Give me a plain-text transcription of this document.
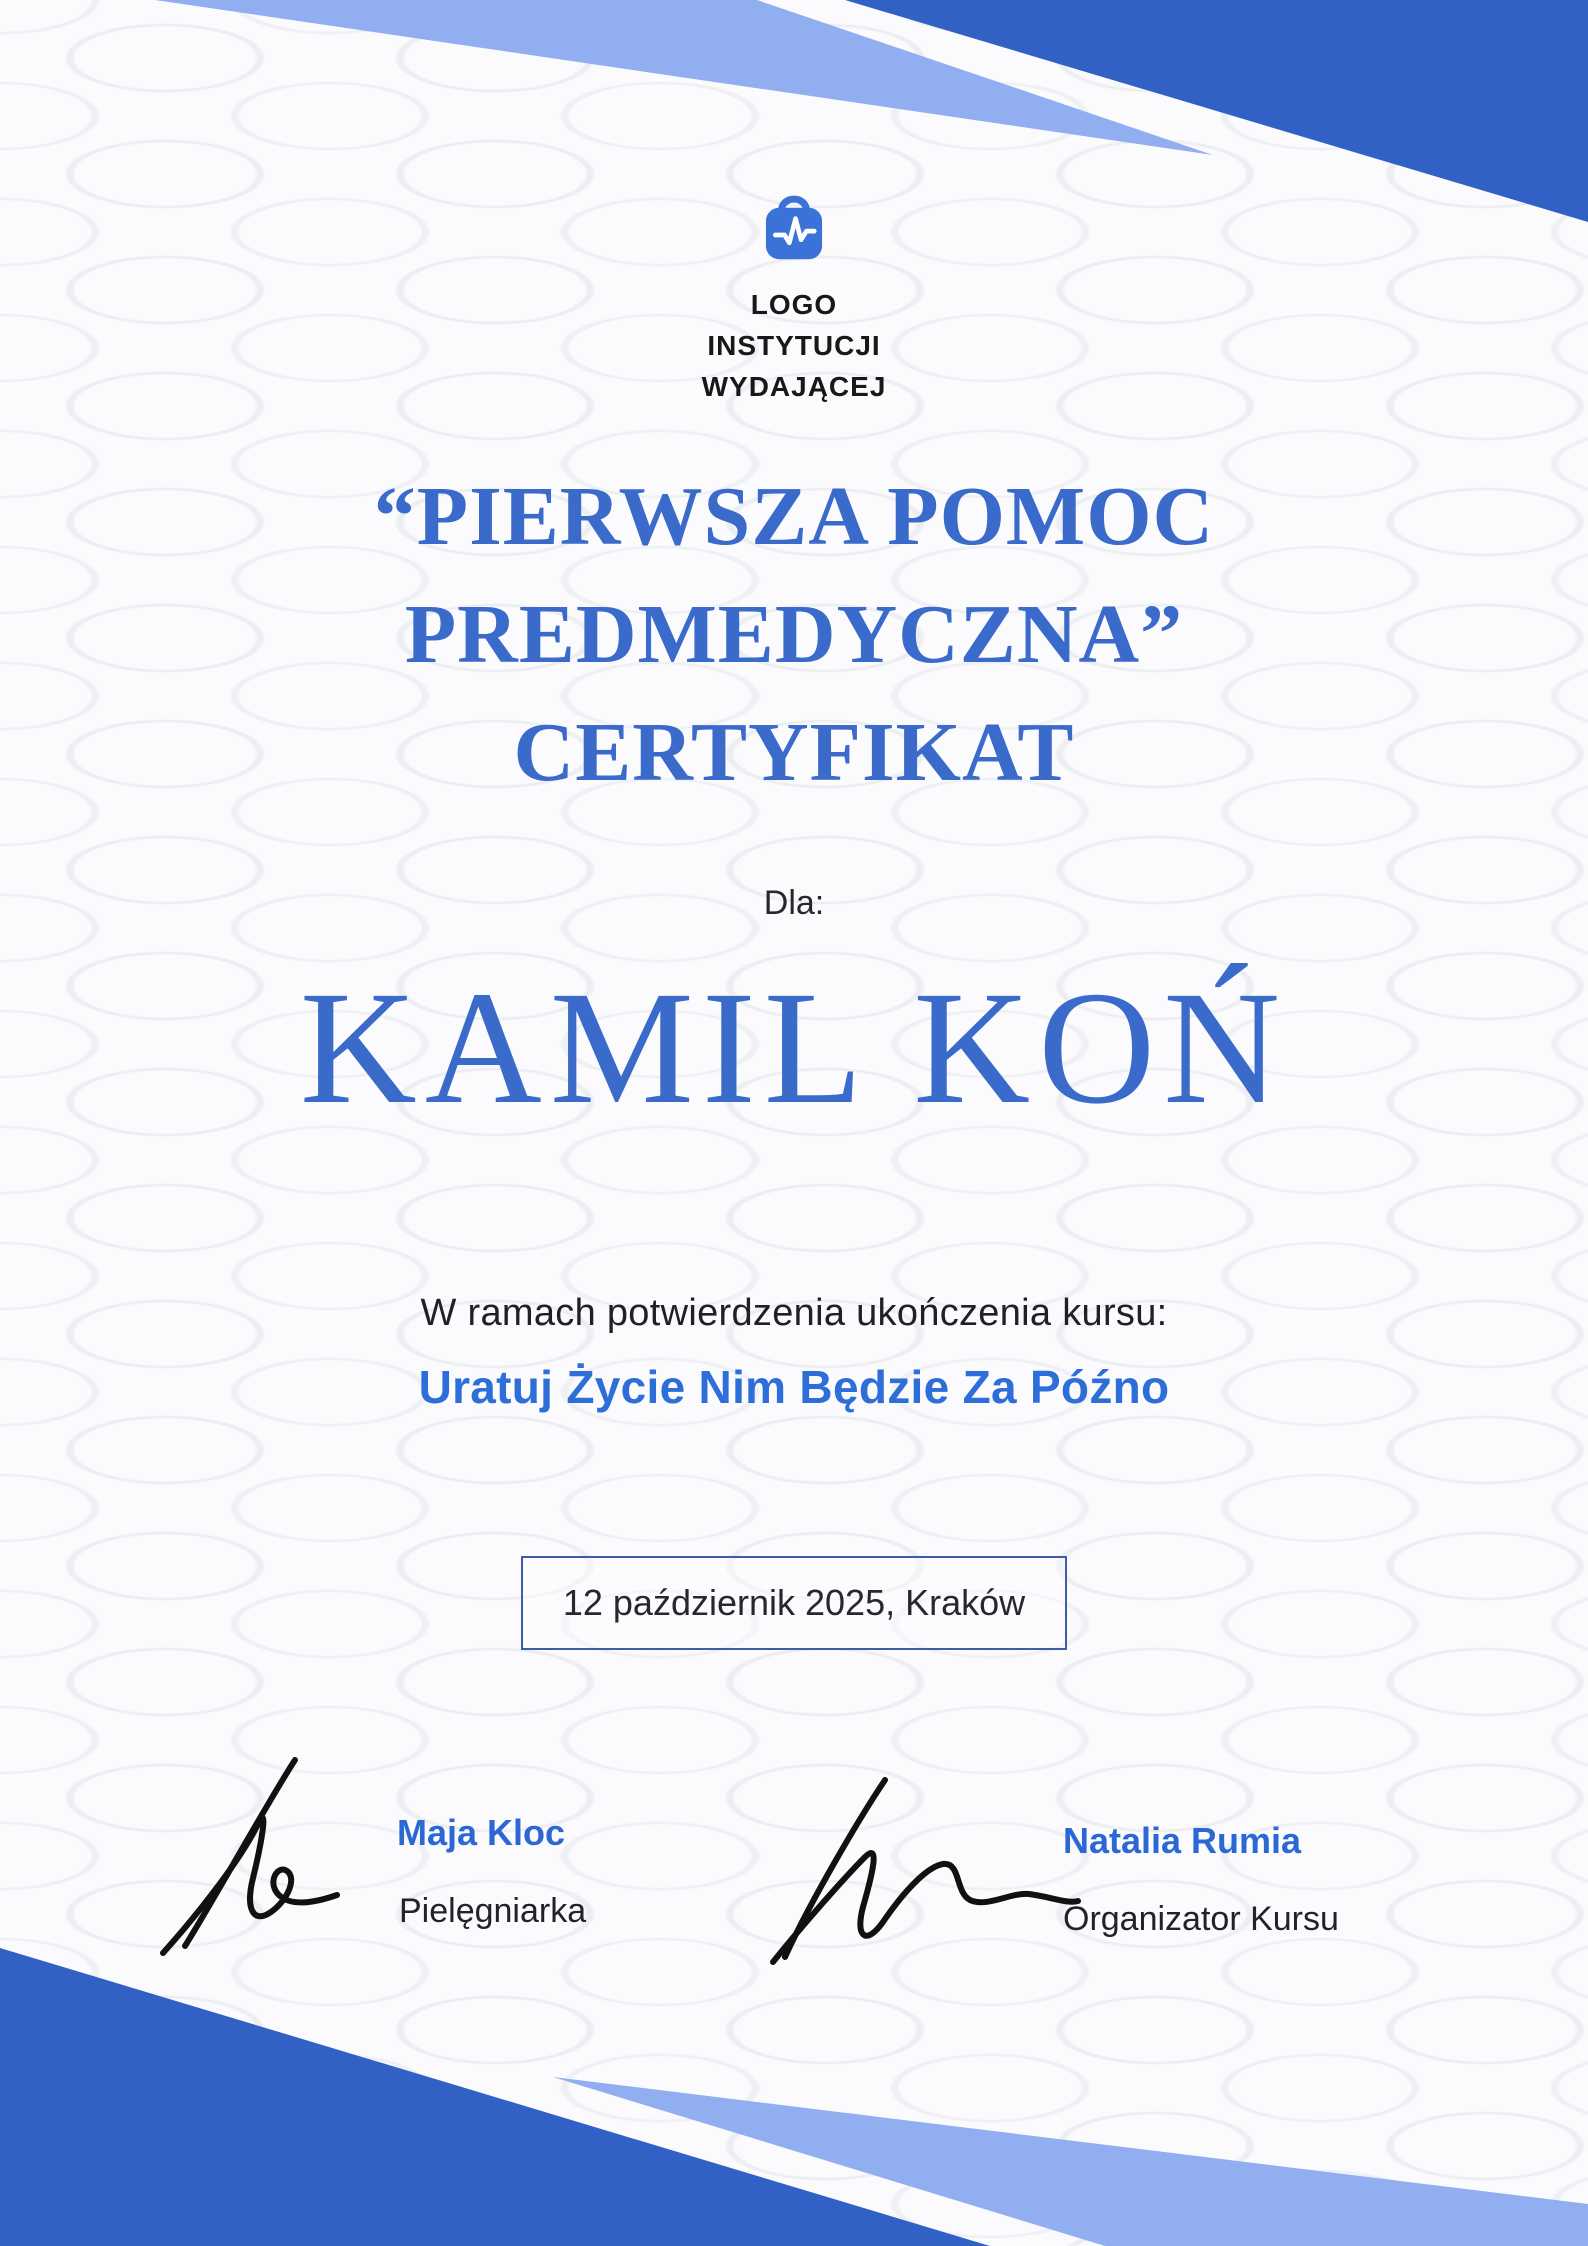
LOGO
INSTYTUCJI
WYDAJĄCEJ
“PIERWSZA POMOC
PREDMEDYCZNA”
CERTYFIKAT
Dla:
KAMIL KOŃ
W ramach potwierdzenia ukończenia kursu:
Uratuj Życie Nim Będzie Za Późno
12 październik 2025, Kraków
Maja Kloc
Pielęgniarka
Natalia Rumia
Organizator Kursu
